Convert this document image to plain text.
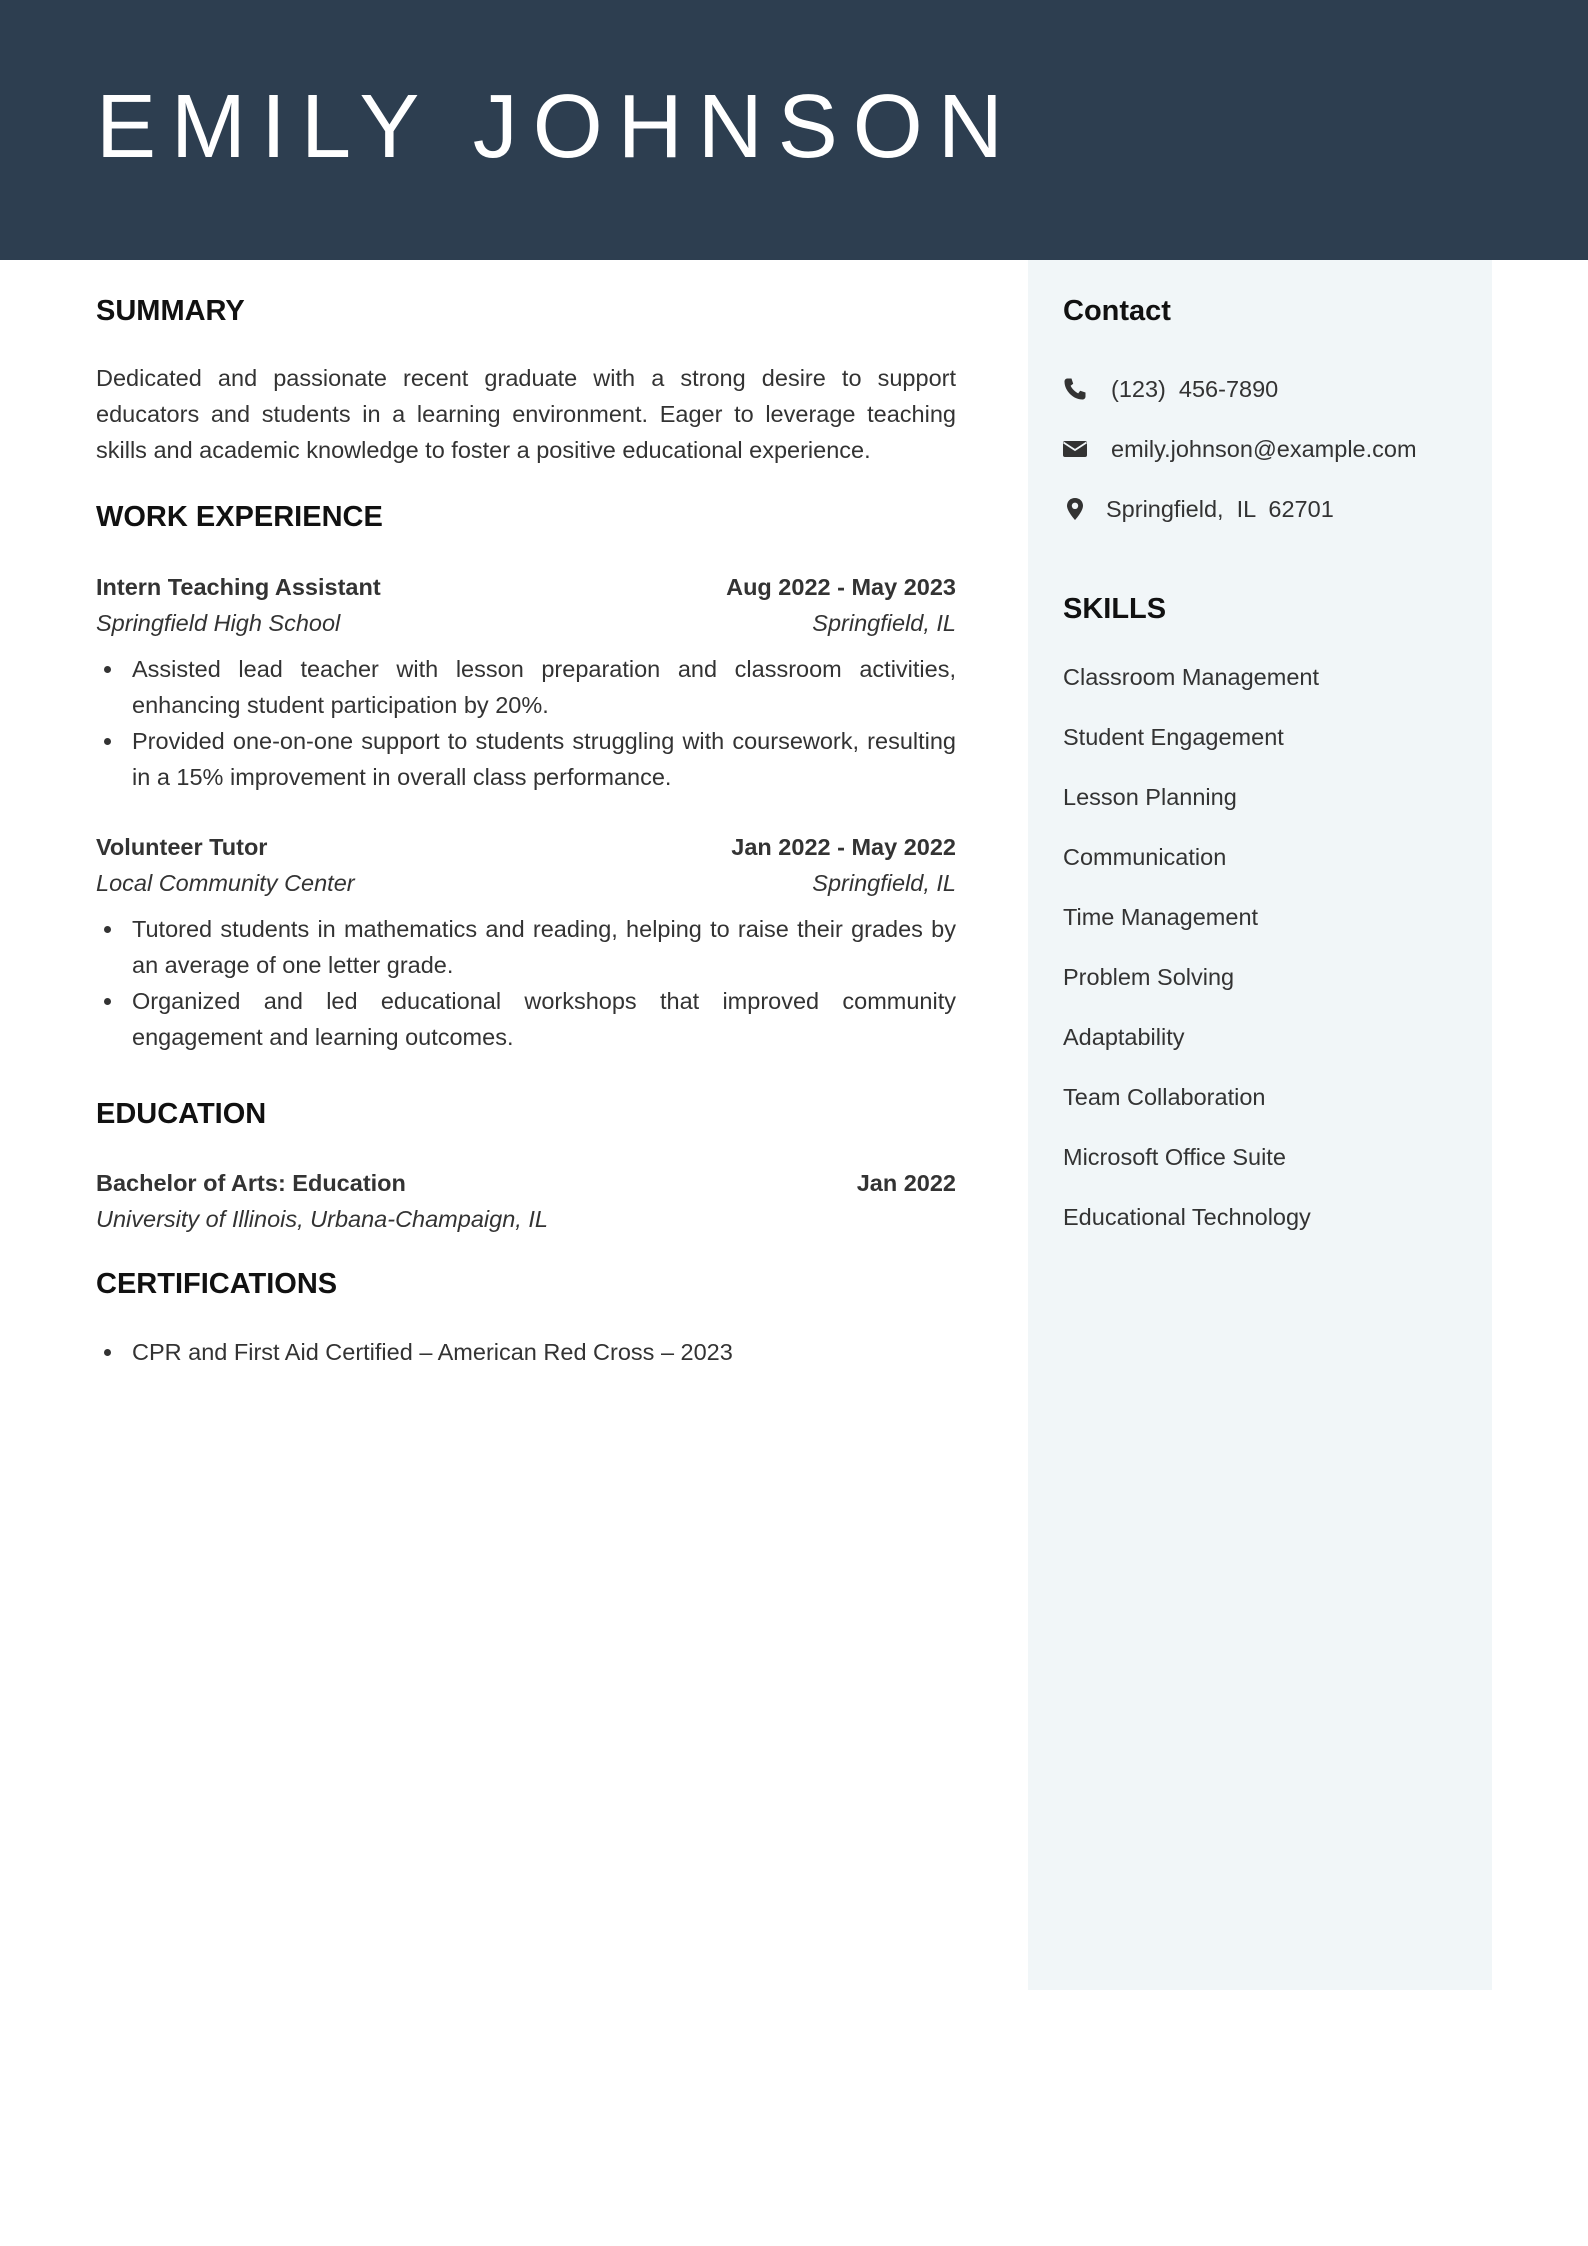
EMILY JOHNSON
SUMMARY
Dedicated and passionate recent graduate with a strong desire to support educators and students in a learning environment. Eager to leverage teaching skills and academic knowledge to foster a positive educational experience.
WORK EXPERIENCE
Intern Teaching Assistant	Aug 2022 - May 2023
Springfield High School	Springfield, IL
Assisted lead teacher with lesson preparation and classroom activities, enhancing student participation by 20%.
Provided one-on-one support to students struggling with coursework, resulting in a 15% improvement in overall class performance.
Volunteer Tutor	Jan 2022 - May 2022
Local Community Center	Springfield, IL
Tutored students in mathematics and reading, helping to raise their grades by an average of one letter grade.
Organized and led educational workshops that improved community engagement and learning outcomes.
EDUCATION
Bachelor of Arts: Education	Jan 2022
University of Illinois, Urbana-Champaign, IL
CERTIFICATIONS
CPR and First Aid Certified – American Red Cross – 2023
Contact
(123)  456-7890
emily.johnson@example.com
Springfield,  IL  62701
SKILLS
Classroom Management
Student Engagement
Lesson Planning
Communication
Time Management
Problem Solving
Adaptability
Team Collaboration
Microsoft Office Suite
Educational Technology
